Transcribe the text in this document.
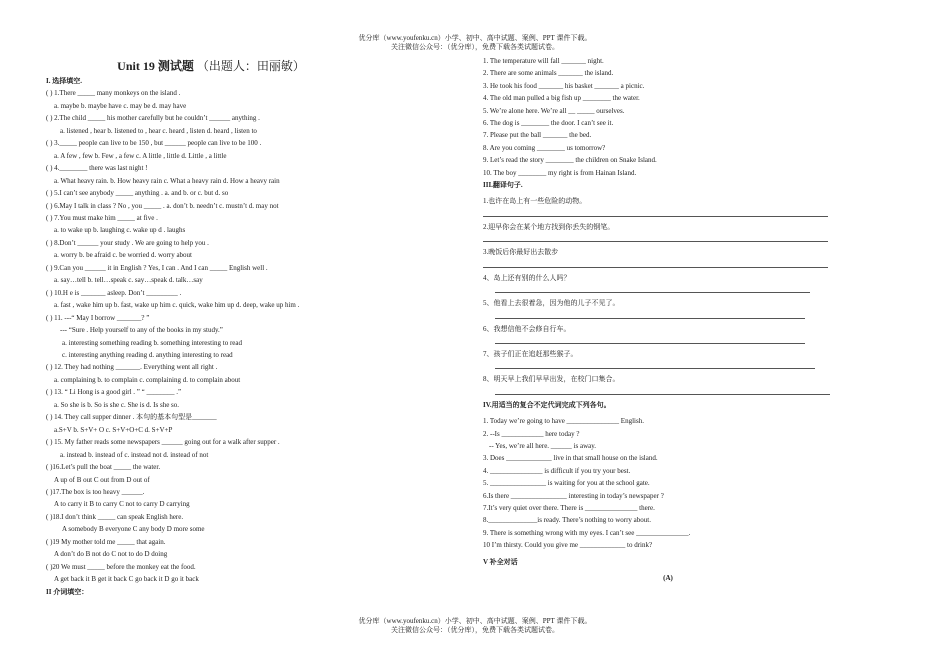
优分库（www.youfenku.cn）小学、初中、高中试题、案例、PPT 课件下载。
关注微信公众号：（优分库），免费下载各类试题试卷。
Unit 19 测试题 （出题人：田丽敏）
I. 选择填空.
( ) 1.There _____ many monkeys on the island .
a. maybe b. maybe have c. may be d. may have
( ) 2.The child _____ his mother carefully but he couldn’t ______ anything .
a. listened , hear b. listened to , hear c. heard , listen d. heard , listen to
( ) 3._____ people can live to be 150 , but ______ people can live to be 100 .
a. A few , few b. Few , a few c. A little , little d. Little , a little
( ) 4.________ there was last night !
a. What heavy rain. b. How heavy rain c. What a heavy rain d. How a heavy rain
( ) 5.I can’t see anybody _____ anything . a. and b. or c. but d. so
( ) 6.May I talk in class ? No , you _____ . a. don’t b. needn’t c. mustn’t d. may not
( ) 7.You must make him _____ at five .
a. to wake up b. laughing c. wake up d . laughs
( ) 8.Don’t ______ your study . We are going to help you .
a. worry b. be afraid c. be worried d. worry about
( ) 9.Can you ______ it in English ? Yes, I can . And I can _____ English well .
a. say…tell b. tell…speak c. say…speak d. talk…say
( ) 10.H e is _______ asleep. Don’t _________ .
a. fast , wake him up b. fast, wake up him c. quick, wake him up d. deep, wake up him .
( ) 11. ---“ May I borrow _______? ”
--- “Sure . Help yourself to any of the books in my study.”
a. interesting something reading b. something interesting to read
c. interesting anything reading d. anything interesting to read
( ) 12. They had nothing _______. Everything went all right .
a. complaining b. to complain c. complaining d. to complain about
( ) 13. “ Li Hong is a good girl . ” “ ________ .”
a. So she is b. So is she c. She is d. Is she so.
( ) 14. They call supper dinner . 本句的基本句型是_______
a.S+V b. S+V+ O c. S+V+O+C d. S+V+P
( ) 15. My father reads some newspapers ______ going out for a walk after supper .
a. instead b. instead of c. instead not d. instead of not
( )16.Let’s pull the boat _____ the water.
A up of B out C out from D out of
( )17.The box is too heavy ______.
A to carry it B to carry C not to carry D carrying
( )18.I don’t think _____ can speak English here.
A somebody B everyone C any body D more some
( )19 My mother told me _____ that again.
A don’t do B not do C not to do D doing
( )20 We must _____ before the monkey eat the food.
A get back it B get it back C go back it D go it back
II 介词填空：
1. The temperature will fall _______ night.
2. There are some animals _______ the island.
3. He took his food _______ his basket _______ a picnic.
4. The old man pulled a big fish up ________ the water.
5. We’re alone here. We’re all __ _____ ourselves.
6. The dog is ________ the door. I can’t see it.
7. Please put the ball _______ the bed.
8. Are you coming ________ us tomorrow?
9. Let’s read the story ________ the children on Snake Island.
10. The boy ________ my right is from Hainan Island.
III.翻译句子.
1.也许在岛上有一些危险的动物。
2.迎早你会在某个地方找到你丢失的钢笔。
3.晚饭后你最好出去散步
4、岛上还有别的什么人吗？
5、他看上去很着急，因为他的儿子不见了。
6、我想信他不会修自行车。
7、孩子们正在追赶那些猴子。
8、明天早上我们早早出发，在校门口集合。
IV.用适当的复合不定代词完成下列各句。
1. Today we’re going to have _______________ English.
2. --Is ____________ here today ?
-- Yes, we’re all here. ______ is away.
3. Does _____________ live in that small house on the island.
4. _______________ is difficult if you try your best.
5. ________________ is waiting for you at the school gate.
6.Is there ________________ interesting in today’s newspaper ?
7.It’s very quiet over there. There is _______________ there.
8.______________is ready. There’s nothing to worry about.
9. There is something wrong with my eyes. I can’t see _______________.
10 I’m thirsty. Could you give me _____________ to drink?
V 补全对话
(A)
优分库（www.youfenku.cn）小学、初中、高中试题、案例、PPT 课件下载。
关注微信公众号：（优分库），免费下载各类试题试卷。
